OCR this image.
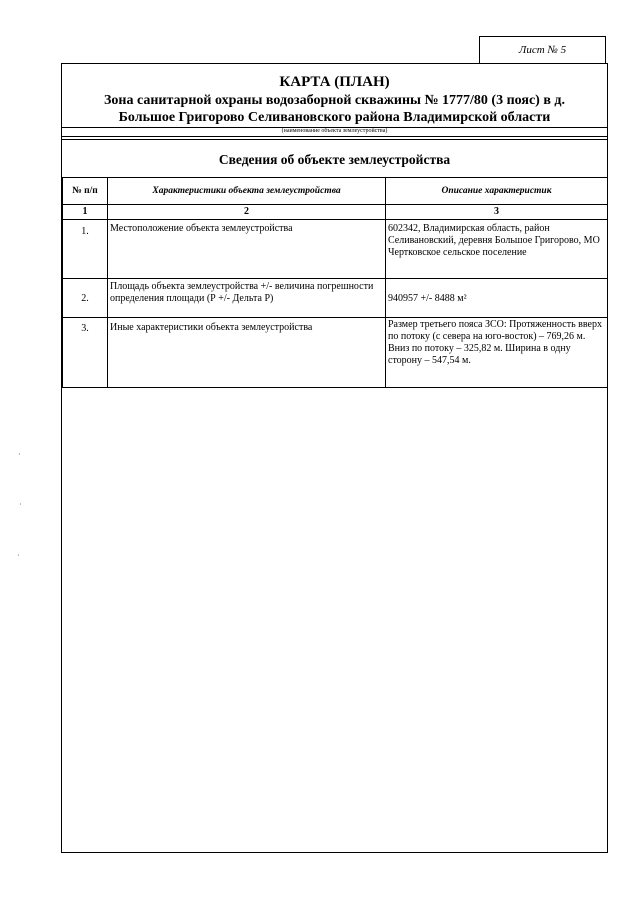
Лист № 5
КАРТА (ПЛАН)
Зона санитарной охраны водозаборной скважины № 1777/80 (3 пояс) в д.
Большое Григорово Селивановского района Владимирской области
(наименование объекта землеустройства)
Сведения об объекте землеустройства
№ п/п	Характеристики объекта землеустройства	Описание характеристик
1	2	3
1.	Местоположение объекта землеустройства	602342, Владимирская область, район Селивановский, деревня Большое Григорово, МО Чертковское сельское поселение
2.	Площадь объекта землеустройства +/- величина погрешности определения площади (Р +/- Дельта Р)	940957 +/- 8488 м²
3.	Иные характеристики объекта землеустройства	Размер третьего пояса ЗСО: Протяженность вверх по потоку (с севера на юго-восток) – 769,26 м. Вниз по потоку – 325,82 м. Ширина в одну сторону – 547,54 м.
·
·
·
